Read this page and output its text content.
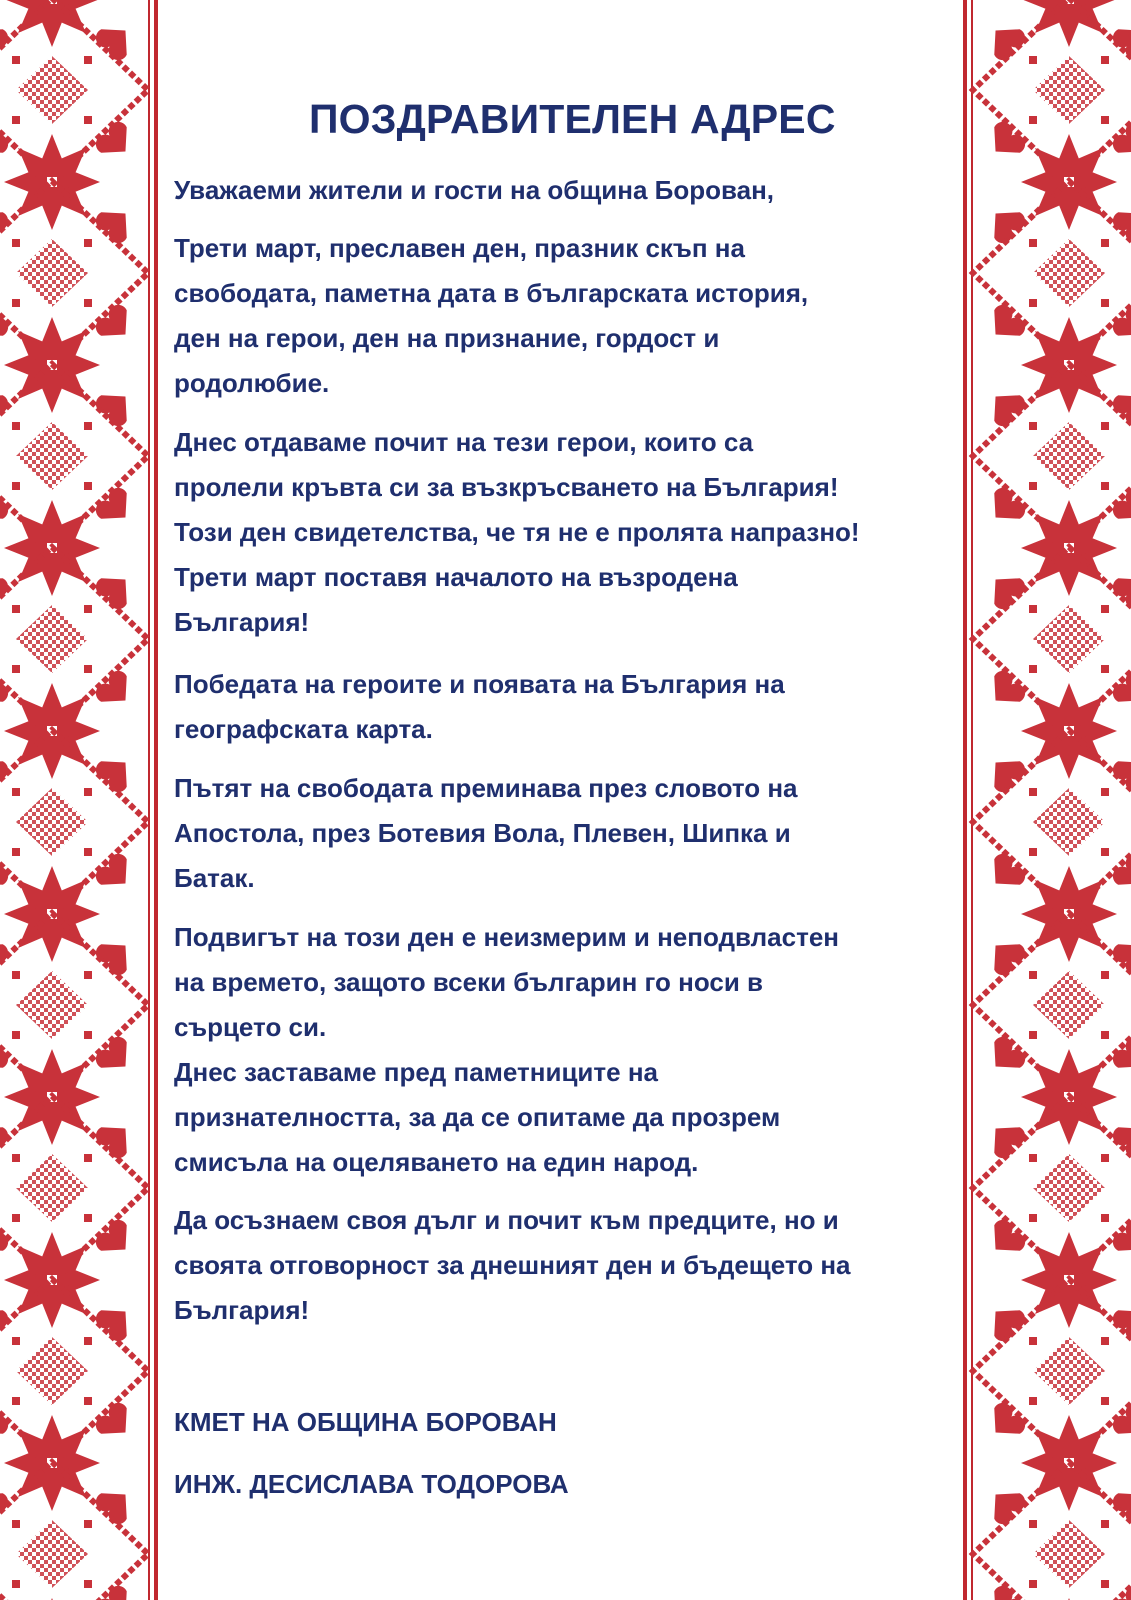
ПОЗДРАВИТЕЛЕН АДРЕС

Уважаеми жители и гости на община Борован,

Трети март, преславен ден, празник скъп на
свободата, паметна дата в българската история,
ден на герои, ден на признание, гордост и
родолюбие.

Днес отдаваме почит на тези герои, които са
пролели кръвта си за възкръсването на България!
Този ден свидетелства, че тя не е пролята напразно!
Трети март поставя началото на възродена
България!

Победата на героите и появата на България на
географската карта.

Пътят на свободата преминава през словото на
Апостола, през Ботевия Вола, Плевен, Шипка и
Батак.

Подвигът на този ден е неизмерим и неподвластен
на времето, защото всеки българин го носи в
сърцето си.
Днес заставаме пред паметниците на
признателността, за да се опитаме да прозрем
смисъла на оцеляването на един народ.

Да осъзнаем своя дълг и почит към предците, но и
своята отговорност за днешният ден и бъдещето на
България!

КМЕТ НА ОБЩИНА БОРОВАН
ИНЖ. ДЕСИСЛАВА ТОДОРОВА
